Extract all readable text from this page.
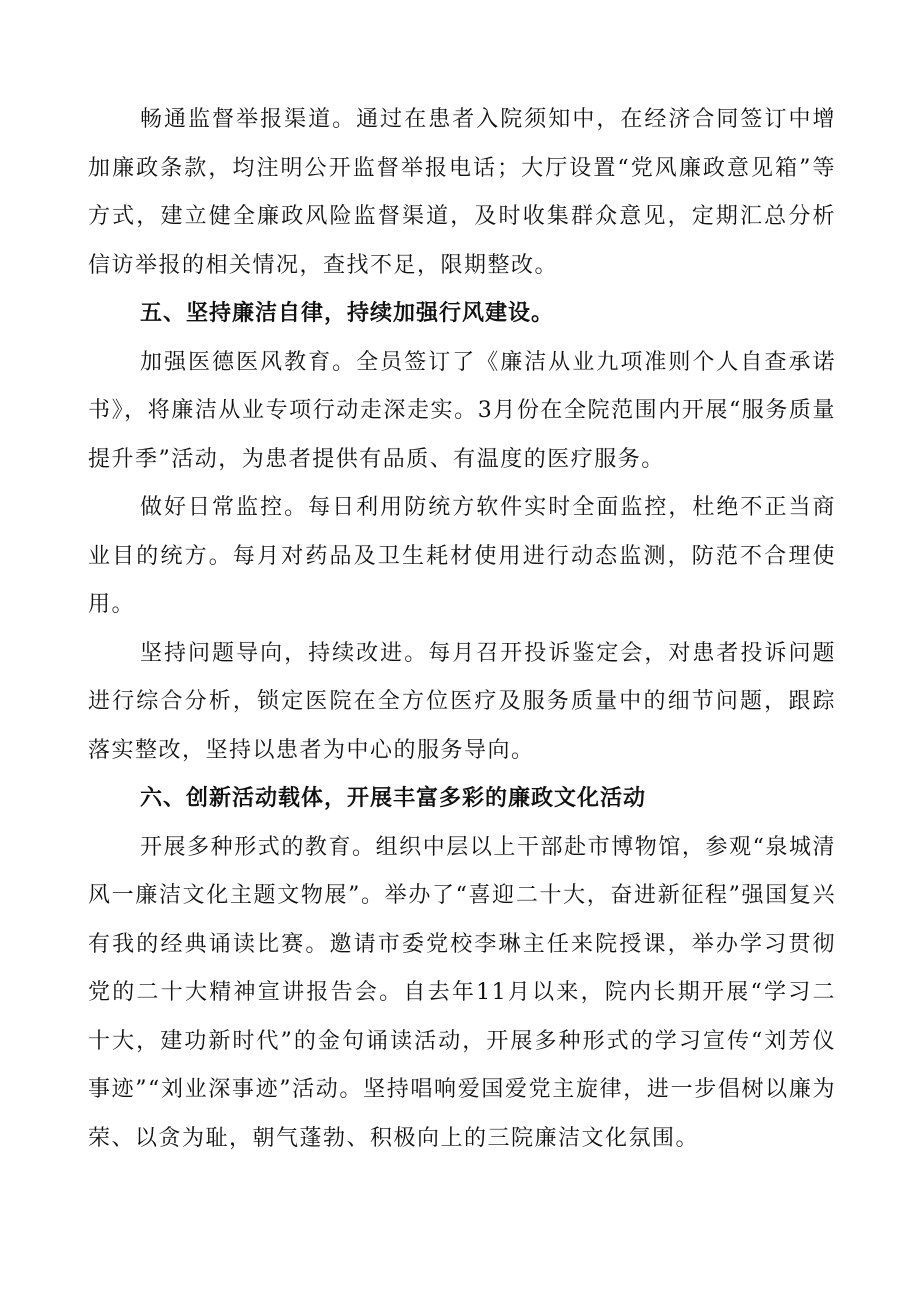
畅通监督举报渠道。通过在患者入院须知中，在经济合同签订中增加廉政条款，均注明公开监督举报电话；大厅设置“党风廉政意见箱”等方式，建立健全廉政风险监督渠道，及时收集群众意见，定期汇总分析信访举报的相关情况，查找不足，限期整改。

五、坚持廉洁自律，持续加强行风建设。

加强医德医风教育。全员签订了《廉洁从业九项准则个人自查承诺书》，将廉洁从业专项行动走深走实。3月份在全院范围内开展“服务质量提升季”活动，为患者提供有品质、有温度的医疗服务。

做好日常监控。每日利用防统方软件实时全面监控，杜绝不正当商业目的统方。每月对药品及卫生耗材使用进行动态监测，防范不合理使用。

坚持问题导向，持续改进。每月召开投诉鉴定会，对患者投诉问题进行综合分析，锁定医院在全方位医疗及服务质量中的细节问题，跟踪落实整改，坚持以患者为中心的服务导向。

六、创新活动载体，开展丰富多彩的廉政文化活动

开展多种形式的教育。组织中层以上干部赴市博物馆，参观“泉城清风一廉洁文化主题文物展”。举办了“喜迎二十大，奋进新征程”强国复兴有我的经典诵读比赛。邀请市委党校李琳主任来院授课，举办学习贯彻党的二十大精神宣讲报告会。自去年11月以来，院内长期开展“学习二十大，建功新时代”的金句诵读活动，开展多种形式的学习宣传“刘芳仪事迹”“刘业深事迹”活动。坚持唱响爱国爱党主旋律，进一步倡树以廉为荣、以贪为耻，朝气蓬勃、积极向上的三院廉洁文化氛围。
